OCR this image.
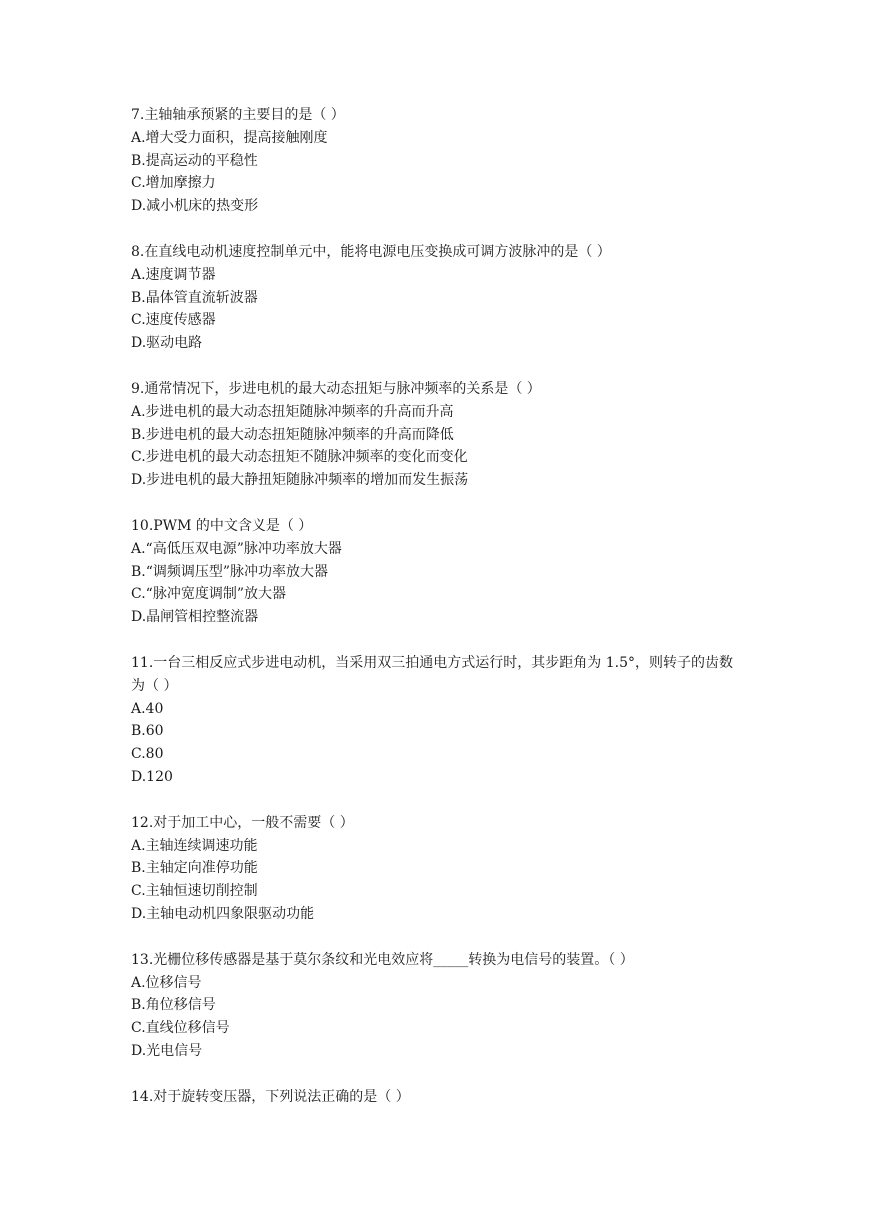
7.主轴轴承预紧的主要目的是（ ）
A.增大受力面积，提高接触刚度
B.提高运动的平稳性
C.增加摩擦力
D.减小机床的热变形
8.在直线电动机速度控制单元中，能将电源电压变换成可调方波脉冲的是（ ）
A.速度调节器
B.晶体管直流斩波器
C.速度传感器
D.驱动电路
9.通常情况下，步进电机的最大动态扭矩与脉冲频率的关系是（ ）
A.步进电机的最大动态扭矩随脉冲频率的升高而升高
B.步进电机的最大动态扭矩随脉冲频率的升高而降低
C.步进电机的最大动态扭矩不随脉冲频率的变化而变化
D.步进电机的最大静扭矩随脉冲频率的增加而发生振荡
10.PWM 的中文含义是（ ）
A.“高低压双电源”脉冲功率放大器
B.“调频调压型”脉冲功率放大器
C.“脉冲宽度调制”放大器
D.晶闸管相控整流器
11.一台三相反应式步进电动机，当采用双三拍通电方式运行时，其步距角为 1.5°，则转子的齿数为（ ）
A.40
B.60
C.80
D.120
12.对于加工中心，一般不需要（ ）
A.主轴连续调速功能
B.主轴定向准停功能
C.主轴恒速切削控制
D.主轴电动机四象限驱动功能
13.光栅位移传感器是基于莫尔条纹和光电效应将_____转换为电信号的装置。（ ）
A.位移信号
B.角位移信号
C.直线位移信号
D.光电信号
14.对于旋转变压器，下列说法正确的是（ ）
